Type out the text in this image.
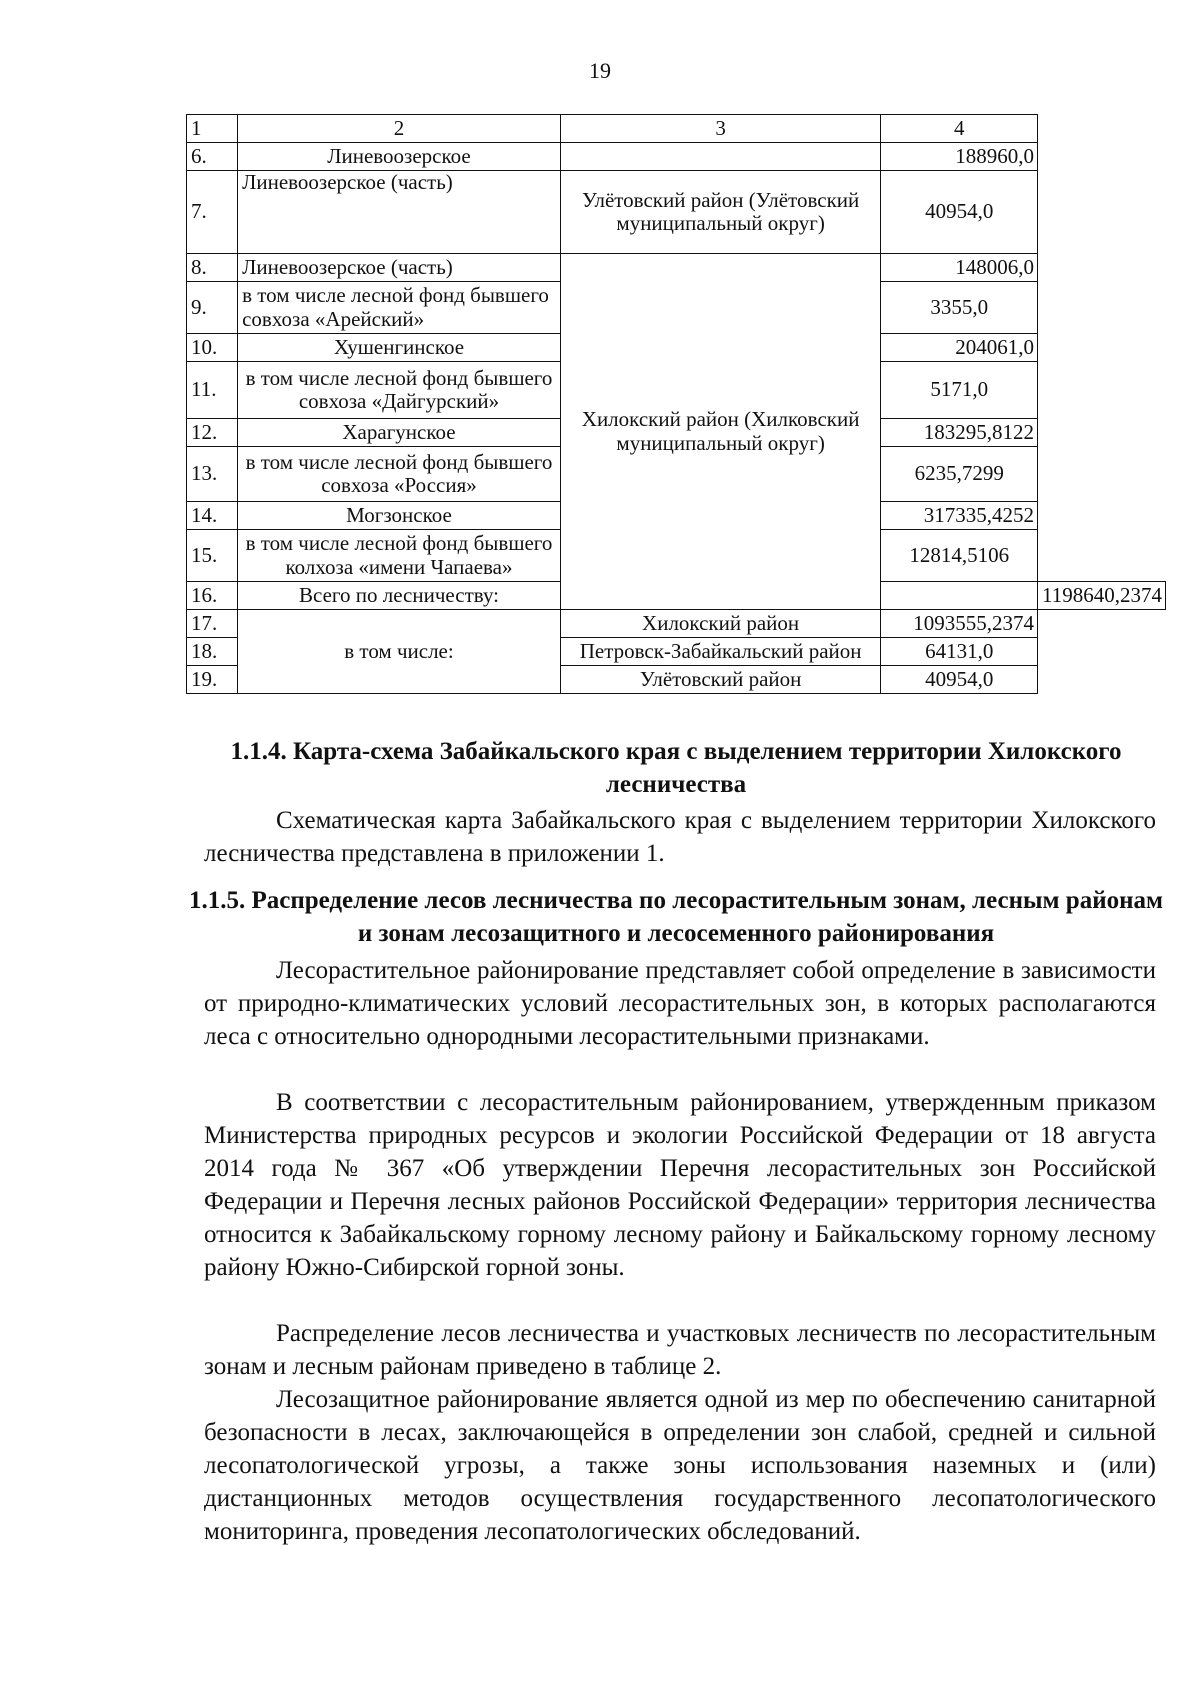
19
1	2	3	4	
6.	Линевоозерское		188960,0	
7.	Линевоозерское (часть)	Улётовский район (Улётовский муниципальный округ)	40954,0	
8.	Линевоозерское (часть)	Хилокский район (Хилковский муниципальный округ)	148006,0	
9.	в том числе лесной фонд бывшего совхоза «Арейский»		3355,0	
10.	Хушенгинское		204061,0	
11.	в том числе лесной фонд бывшего совхоза «Дайгурский»		5171,0	
12.	Харагунское		183295,8122	
13.	в том числе лесной фонд бывшего совхоза «Россия»		6235,7299	
14.	Могзонское		317335,4252	
15.	в том числе лесной фонд бывшего колхоза «имени Чапаева»		12814,5106	
16.	Всего по лесничеству:			1198640,2374
17.	в том числе:	Хилокский район	1093555,2374	
18.		Петровск-Забайкальский район	64131,0	
19.		Улётовский район	40954,0	
1.1.4. Карта-схема Забайкальского края с выделением территории Хилокского лесничества

Схематическая карта Забайкальского края с выделением территории Хилокского лесничества представлена в приложении 1.

1.1.5. Распределение лесов лесничества по лесорастительным зонам, лесным районам и зонам лесозащитного и лесосеменного районирования

Лесорастительное районирование представляет собой определение в зависимости от природно-климатических условий лесорастительных зон, в которых располагаются леса с относительно однородными лесорастительными признаками.

В соответствии с лесорастительным районированием, утвержденным приказом Министерства природных ресурсов и экологии Российской Федерации от 18 августа 2014 года № 367 «Об утверждении Перечня лесорастительных зон Российской Федерации и Перечня лесных районов Российской Федерации» территория лесничества относится к Забайкальскому горному лесному району и Байкальскому горному лесному району Южно-Сибирской горной зоны.

Распределение лесов лесничества и участковых лесничеств по лесорастительным зонам и лесным районам приведено в таблице 2.

Лесозащитное районирование является одной из мер по обеспечению санитарной безопасности в лесах, заключающейся в определении зон слабой, средней и сильной лесопатологической угрозы, а также зоны использования наземных и (или) дистанционных методов осуществления государственного лесопатологического мониторинга, проведения лесопатологических обследований.
